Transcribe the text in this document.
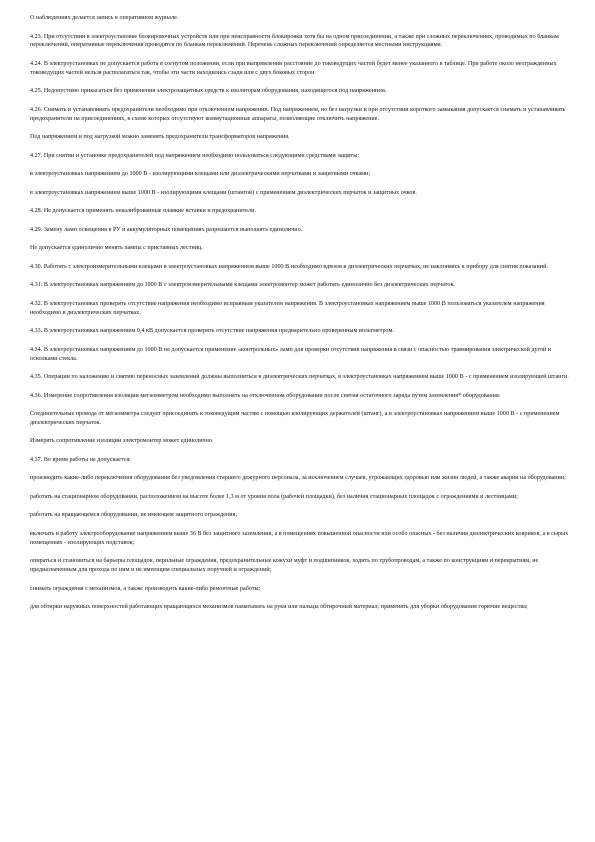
О наблюдениях делается запись в оперативном журнале.

4.23. При отсутствии в электроустановке блокировочных устройств или при неисправности блокировки хотя бы на одном присоединении, а также при сложных переключениях, проводимых по бланкам переключений, оперативные переключения проводятся по бланкам переключений. Перечень сложных переключений определяется местными инструкциями.

4.24. В электроустановках не допускается работа в согнутом положении, если при выпрямлении расстояние до токоведущих частей будет менее указанного в таблице. При работе около неогражденных токоведущих частей нельзя располагаться так, чтобы эти части находились сзади или с двух боковых сторон.

4.25. Недопустимо прикасаться без применения электрозащитных средств к изоляторам оборудования, находящегося под напряжением.

4.26. Снимать и устанавливать предохранители необходимо при отключенном напряжении. Под напряжением, но без нагрузки и при отсутствии короткого замыкания допускается снимать и устанавливать предохранители на присоединениях, в схеме которых отсутствуют коммутационные аппараты, позволяющие отключить напряжение.

Под напряжением и под нагрузкой можно заменять предохранители трансформаторов напряжения.

4.27. При снятии и установке предохранителей под напряжением необходимо пользоваться следующими средствами защиты:

в электроустановках напряжением до 1000 В - изолирующими клещами или диэлектрическими перчатками и защитными очками;

в электроустановках напряжением выше 1000 В - изолирующими клещами (штангой) с применением диэлектрических перчаток и защитных очков.

4.28. Не допускается применять некалиброванные плавкие вставки и предохранители.

4.29. Замену ламп освещения в РУ и аккумуляторных помещениях разрешается выполнять единолично.

Не допускается единолично менять лампы с приставных лестниц.

4.30. Работать с электроизмерительными клещами в электроустановках напряжением выше 1000 В необходимо вдвоем в диэлектрических перчатках, не наклоняясь к прибору для снятия показаний.

4.31. В электроустановках напряжением до 1000 В с электроизмерительными клещами электромонтер может работать единолично без диэлектрических перчаток.

4.32. В электроустановках проверять отсутствие напряжения необходимо исправным указателем напряжения. В электроустановках напряжением выше 1000 В пользоваться указателем напряжения необходимо в диэлектрических перчатках.

4.33. В электроустановках напряжением 0,4 кВ допускается проверять отсутствие напряжения предварительно проверенным вольтметром.

4.34. В электроустановках напряжением до 1000 В не допускается применение «контрольных» ламп для проверки отсутствия напряжения в связи с опасностью травмирования электрической дугой и осколками стекла.

4.35. Операции по наложению и снятию переносных заземлений должны выполняться в диэлектрических перчатках, в электроустановках напряжением выше 1000 В - с применением изолирующей штанги.

4.36. Измерение сопротивления изоляции мегаомметром необходимо выполнять на отключенном оборудовании после снятия остаточного заряда путем заземления* оборудования.

Соединительные провода от мегаомметра следует присоединять к токоведущим частям с помощью изолирующих держателей (штанг), а в электроустановках напряжением выше 1000 В - с применением диэлектрических перчаток.

Измерять сопротивление изоляции электромонтер может единолично.

4.37. Во время работы не допускается:

производить какие-либо переключения оборудования без уведомления старшего дежурного персонала, за исключением случаев, угрожающих здоровью или жизни людей, а также аварии на оборудовании;

работать на стационарном оборудовании, расположенном на высоте более 1,3 м от уровня пола (рабочей площадки), без наличия стационарных площадок с ограждениями и лестницами;

работать на вращающемся оборудовании, не имеющем защитного ограждения;

включать в работу электрооборудование напряжением выше 36 В без защитного заземления, а в помещениях повышенной опасности или особо опасных - без наличия диэлектрических ковриков, а в сырых помещениях - изолирующих подставок;

опираться и становиться на барьеры площадок, перильные ограждения, предохранительные кожухи муфт и подшипников, ходить по трубопроводам, а также по конструкциям и перекрытиям, не предназначенным для прохода по ним и не имеющим специальных поручней и ограждений;

снимать ограждения с механизмов, а также производить какие-либо ремонтные работы;

для обтирки наружных поверхностей работающих вращающихся механизмов наматывать на руки или пальцы обтирочный материал; применять для уборки оборудования горючие вещества;
